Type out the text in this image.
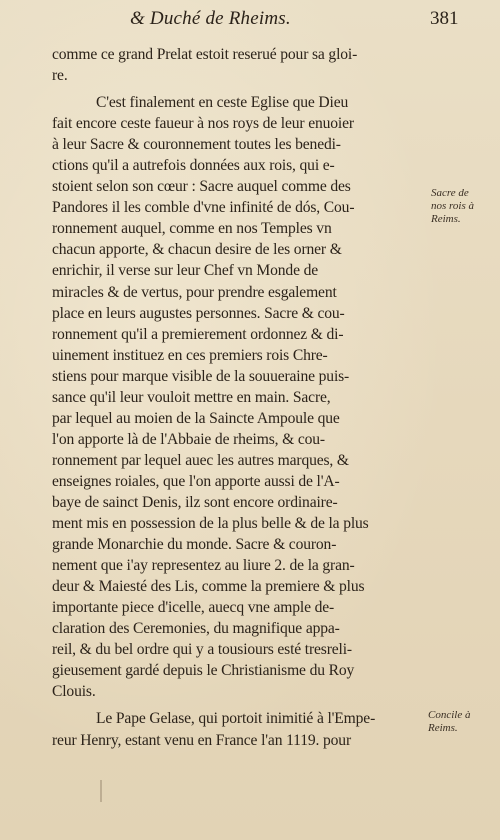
& Duché de Rheims.	381
comme ce grand Prelat estoit reserué pour sa gloi-
re.
C'est finalement en ceste Eglise que Dieu
fait encore ceste faueur à nos roys de leur enuoier
à leur Sacre & couronnement toutes les benedi-
ctions qu'il a autrefois données aux rois, qui e-
stoient selon son cœur : Sacre auquel comme des
Pandores il les comble d'vne infinité de dós, Cou-
ronnement auquel, comme en nos Temples vn
chacun apporte, & chacun desire de les orner &
enrichir, il verse sur leur Chef vn Monde de
miracles & de vertus, pour prendre esgalement
place en leurs augustes personnes. Sacre & cou-
ronnement qu'il a premierement ordonnez & di-
uinement instituez en ces premiers rois Chre-
stiens pour marque visible de la souueraine puis-
sance qu'il leur vouloit mettre en main. Sacre,
par lequel au moien de la Saincte Ampoule que
l'on apporte là de l'Abbaie de rheims, & cou-
ronnement par lequel auec les autres marques, &
enseignes roiales, que l'on apporte aussi de l'A-
baye de sainct Denis, ilz sont encore ordinaire-
ment mis en possession de la plus belle & de la plus
grande Monarchie du monde. Sacre & couron-
nement que i'ay representez au liure 2. de la gran-
deur & Maiesté des Lis, comme la premiere & plus
importante piece d'icelle, auecq vne ample de-
claration des Ceremonies, du magnifique appa-
reil, & du bel ordre qui y a tousiours esté tresreli-
gieusement gardé depuis le Christianisme du Roy
Clouis.
Le Pape Gelase, qui portoit inimitié à l'Empe-
reur Henry, estant venu en France l'an 1119. pour
Sacre de
nos rois à
Reims.
Concile à
Reims.
